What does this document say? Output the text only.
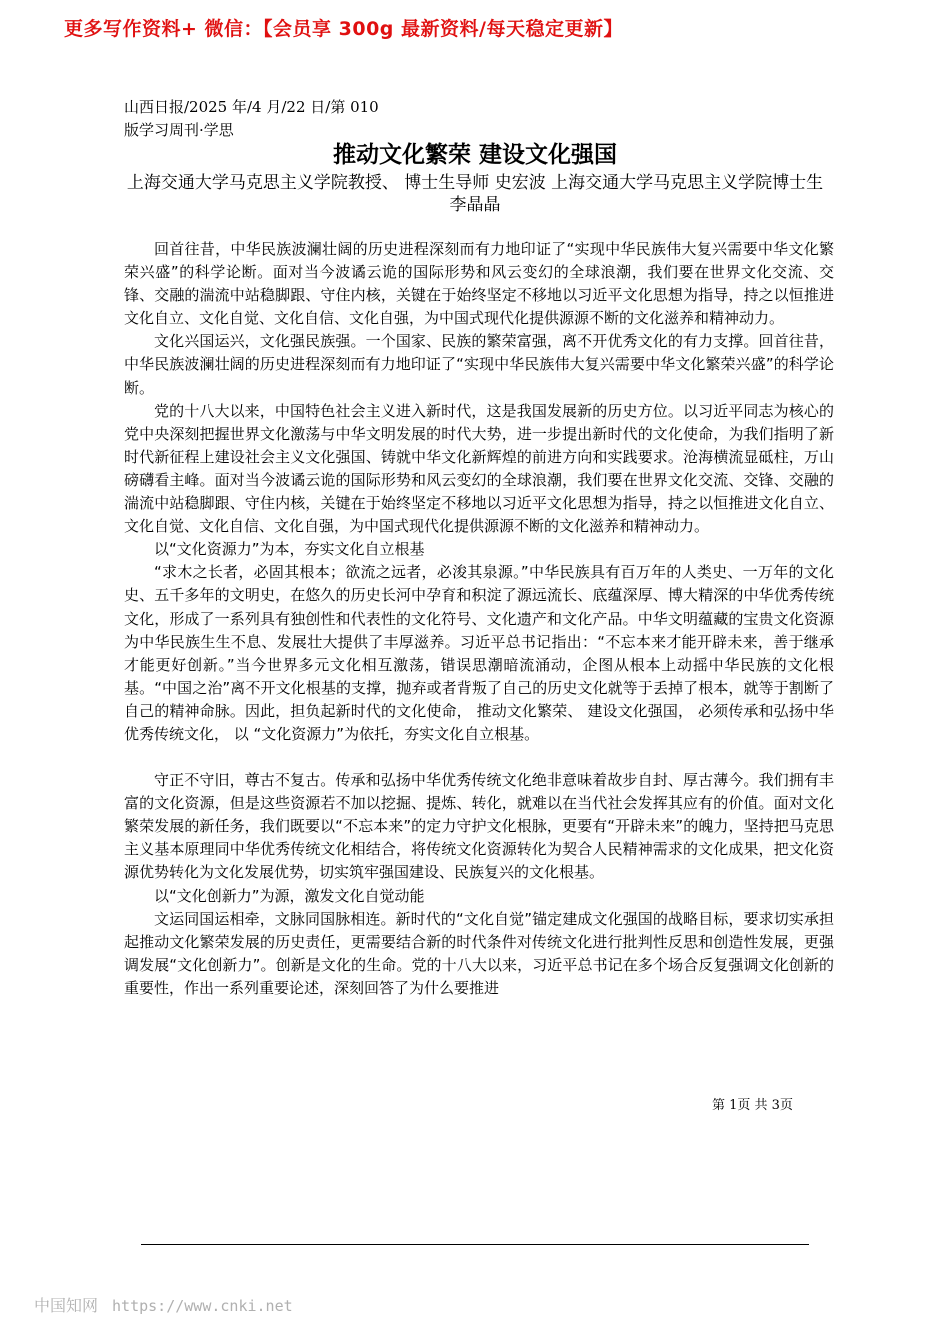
更多写作资料+ 微信：【会员享 300g 最新资料/每天稳定更新】
山西日报/2025 年/4 月/22 日/第 010
版学习周刊·学思
推动文化繁荣 建设文化强国
上海交通大学马克思主义学院教授、 博士生导师 史宏波 上海交通大学马克思主义学院博士生 李晶晶

回首往昔，中华民族波澜壮阔的历史进程深刻而有力地印证了“实现中华民族伟大复兴需要中华文化繁荣兴盛”的科学论断。面对当今波谲云诡的国际形势和风云变幻的全球浪潮，我们要在世界文化交流、交锋、交融的湍流中站稳脚跟、守住内核，关键在于始终坚定不移地以习近平文化思想为指导，持之以恒推进文化自立、文化自觉、文化自信、文化自强，为中国式现代化提供源源不断的文化滋养和精神动力。

文化兴国运兴，文化强民族强。一个国家、民族的繁荣富强，离不开优秀文化的有力支撑。回首往昔，中华民族波澜壮阔的历史进程深刻而有力地印证了“实现中华民族伟大复兴需要中华文化繁荣兴盛”的科学论断。

党的十八大以来，中国特色社会主义进入新时代，这是我国发展新的历史方位。以习近平同志为核心的党中央深刻把握世界文化激荡与中华文明发展的时代大势，进一步提出新时代的文化使命，为我们指明了新时代新征程上建设社会主义文化强国、铸就中华文化新辉煌的前进方向和实践要求。沧海横流显砥柱，万山磅礴看主峰。面对当今波谲云诡的国际形势和风云变幻的全球浪潮，我们要在世界文化交流、交锋、交融的湍流中站稳脚跟、守住内核，关键在于始终坚定不移地以习近平文化思想为指导，持之以恒推进文化自立、文化自觉、文化自信、文化自强，为中国式现代化提供源源不断的文化滋养和精神动力。

以“文化资源力”为本，夯实文化自立根基

“求木之长者，必固其根本；欲流之远者，必浚其泉源。”中华民族具有百万年的人类史、一万年的文化史、五千多年的文明史，在悠久的历史长河中孕育和积淀了源远流长、底蕴深厚、博大精深的中华优秀传统文化，形成了一系列具有独创性和代表性的文化符号、文化遗产和文化产品。中华文明蕴藏的宝贵文化资源为中华民族生生不息、发展壮大提供了丰厚滋养。习近平总书记指出：“不忘本来才能开辟未来，善于继承才能更好创新。”当今世界多元文化相互激荡，错误思潮暗流涌动，企图从根本上动摇中华民族的文化根基。“中国之治”离不开文化根基的支撑，抛弃或者背叛了自己的历史文化就等于丢掉了根本，就等于割断了自己的精神命脉。因此，担负起新时代的文化使命， 推动文化繁荣、 建设文化强国， 必须传承和弘扬中华优秀传统文化， 以 “文化资源力”为依托，夯实文化自立根基。

守正不守旧，尊古不复古。传承和弘扬中华优秀传统文化绝非意味着故步自封、厚古薄今。我们拥有丰富的文化资源，但是这些资源若不加以挖掘、提炼、转化，就难以在当代社会发挥其应有的价值。面对文化繁荣发展的新任务，我们既要以“不忘本来”的定力守护文化根脉，更要有“开辟未来”的魄力，坚持把马克思主义基本原理同中华优秀传统文化相结合，将传统文化资源转化为契合人民精神需求的文化成果，把文化资源优势转化为文化发展优势，切实筑牢强国建设、民族复兴的文化根基。

以“文化创新力”为源，激发文化自觉动能

文运同国运相牵，文脉同国脉相连。新时代的“文化自觉”锚定建成文化强国的战略目标，要求切实承担起推动文化繁荣发展的历史责任，更需要结合新的时代条件对传统文化进行批判性反思和创造性发展，更强调发展“文化创新力”。创新是文化的生命。党的十八大以来，习近平总书记在多个场合反复强调文化创新的重要性，作出一系列重要论述，深刻回答了为什么要推进

第 1页 共 3页
中国知网 https://www.cnki.net
